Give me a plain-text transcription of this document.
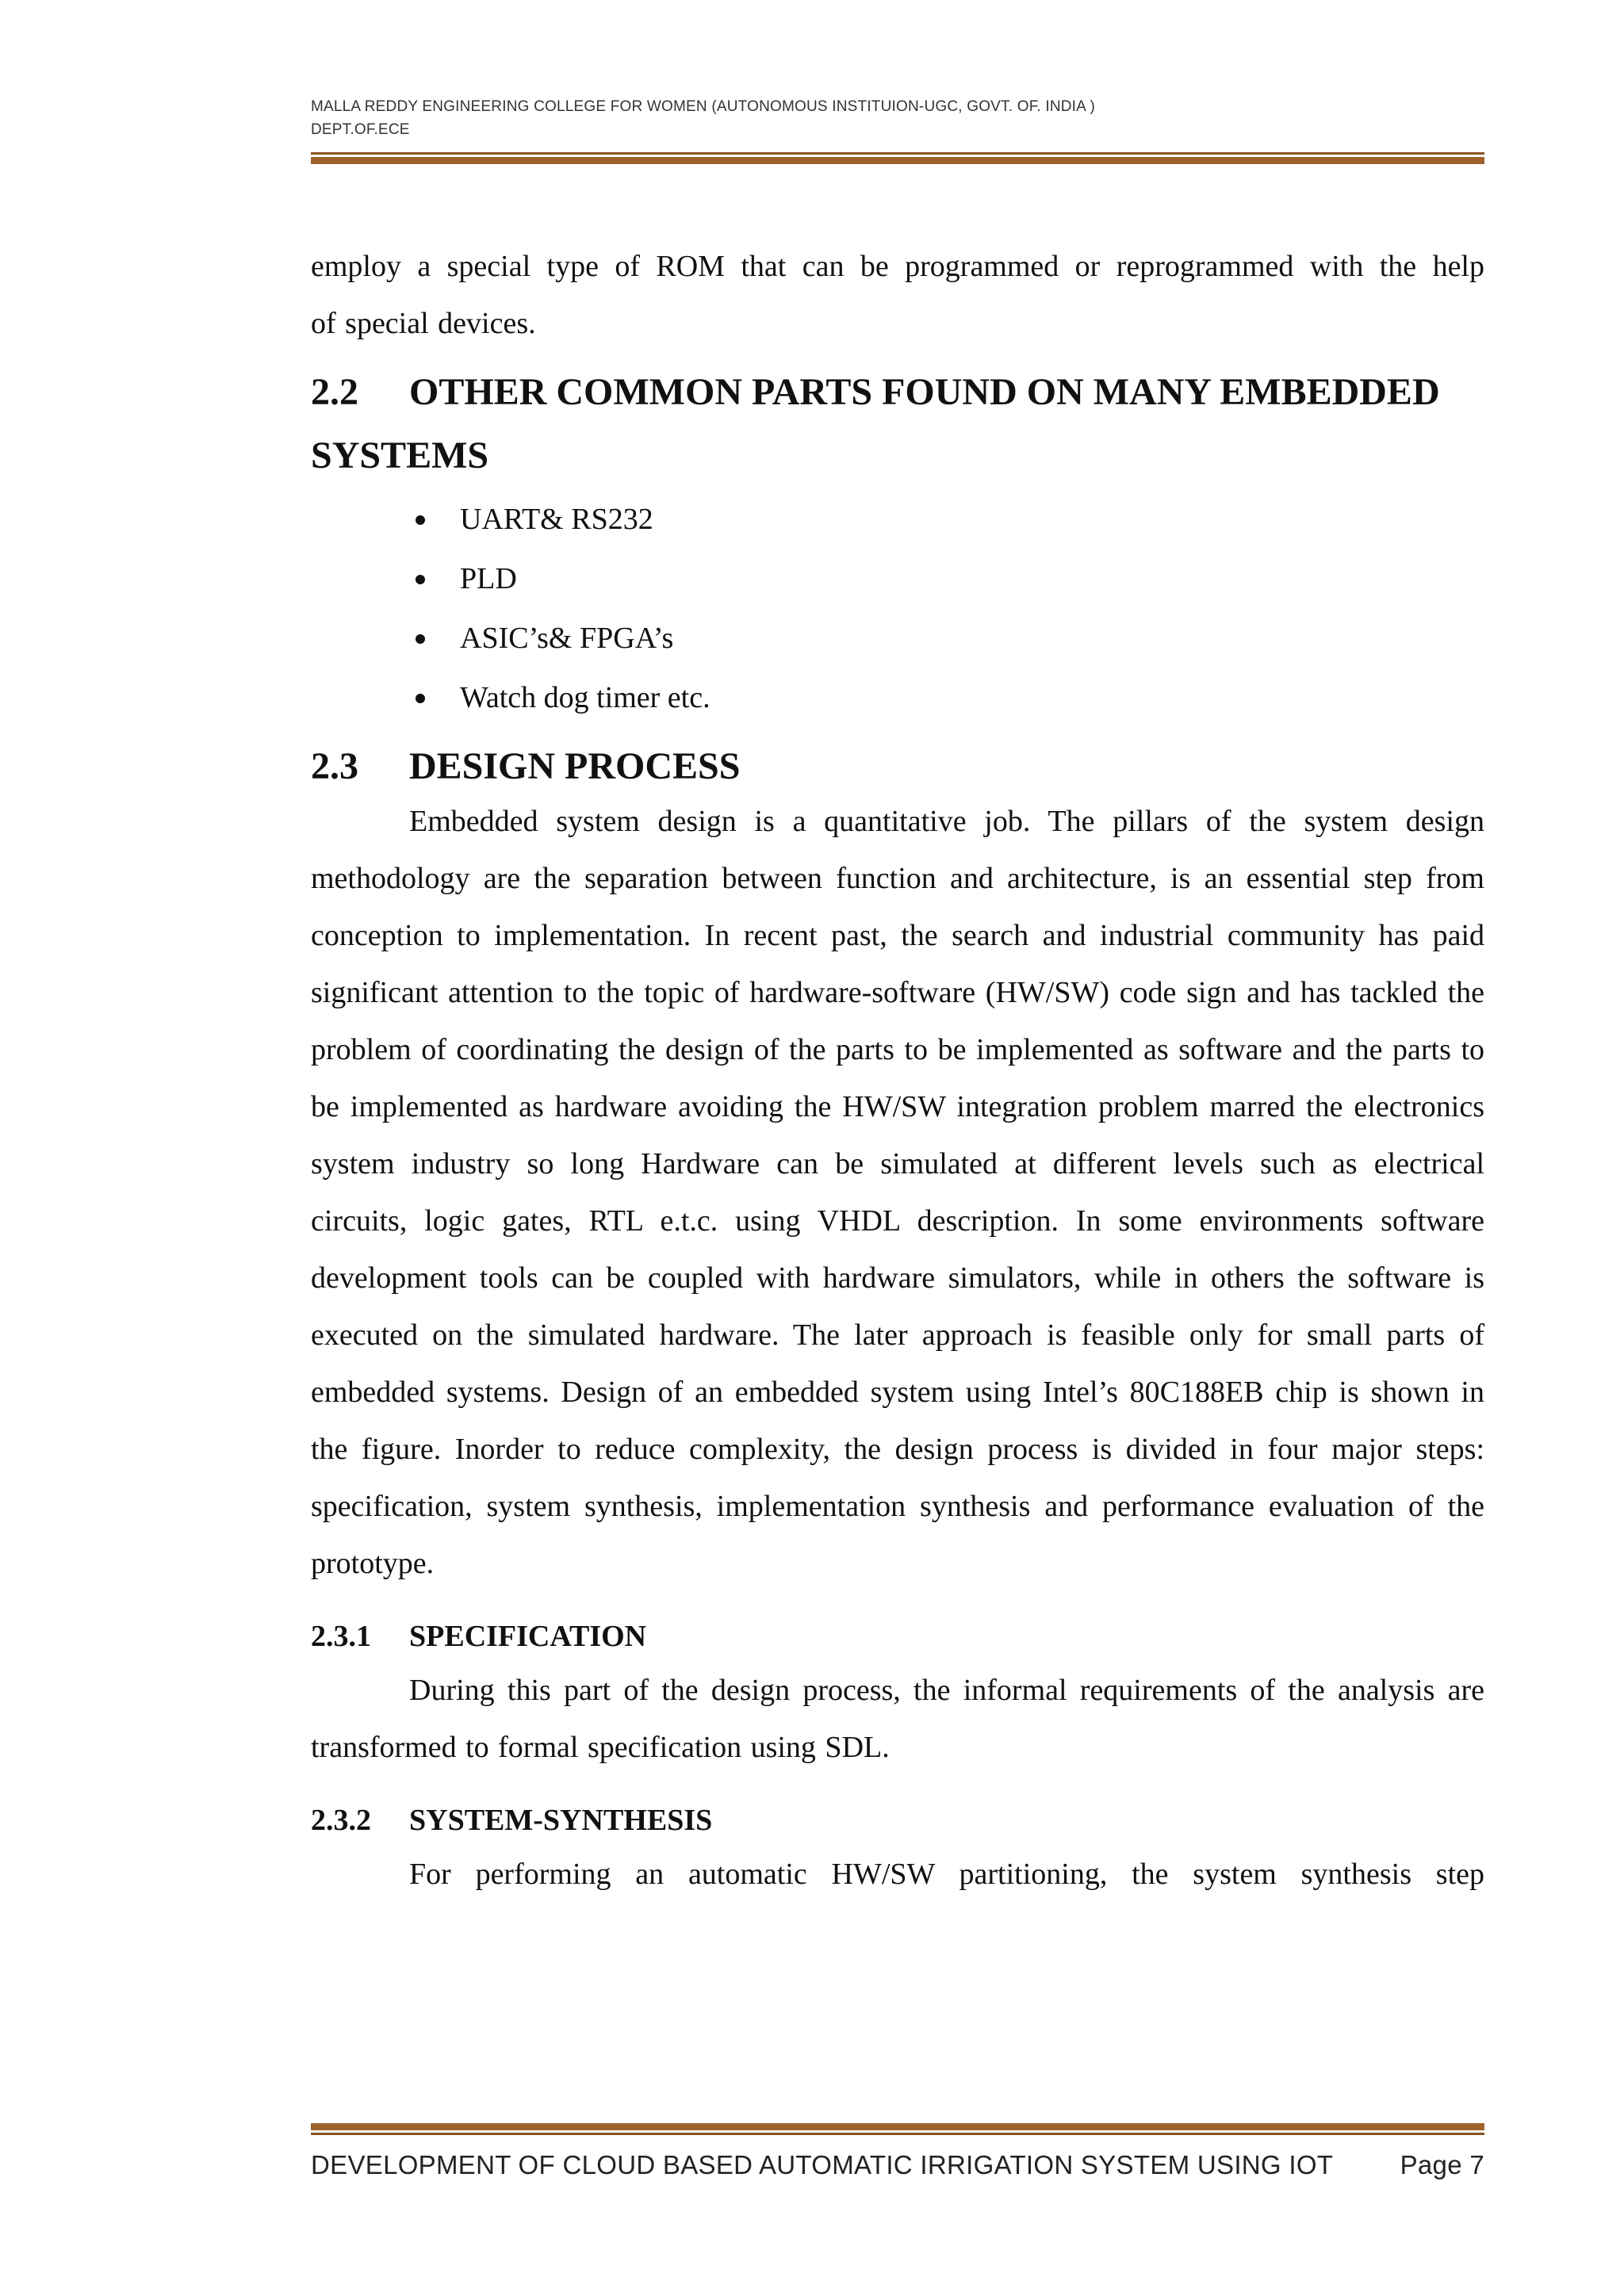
MALLA REDDY ENGINEERING COLLEGE FOR WOMEN (AUTONOMOUS INSTITUION-UGC, GOVT. OF. INDIA )
DEPT.OF.ECE

employ a special type of ROM that can be programmed or reprogrammed with the help

of special devices.

2.2	OTHER COMMON PARTS FOUND ON MANY EMBEDDED
SYSTEMS
UART& RS232
PLD
ASIC’s& FPGA’s
Watch dog timer etc.
2.3	DESIGN PROCESS

Embedded system design is a quantitative job. The pillars of the system design methodology are the separation between function and architecture, is an essential step from conception to implementation. In recent past, the search and industrial community has paid significant attention to the topic of hardware-software (HW/SW) code sign and has tackled the problem of coordinating the design of the parts to be implemented as software and the parts to be implemented as hardware avoiding the HW/SW integration problem marred the electronics system industry so long Hardware can be simulated at different levels such as electrical circuits, logic gates, RTL e.t.c. using VHDL description. In some environments software development tools can be coupled with hardware simulators, while in others the software is executed on the simulated hardware. The later approach is feasible only for small parts of embedded systems. Design of an embedded system using Intel’s 80C188EB chip is shown in the figure. Inorder to reduce complexity, the design process is divided in four major steps: specification, system synthesis, implementation synthesis and performance evaluation of the prototype.

2.3.1	SPECIFICATION

During this part of the design process, the informal requirements of the analysis are transformed to formal specification using SDL.

2.3.2	SYSTEM-SYNTHESIS

For performing an automatic HW/SW partitioning, the system synthesis step

DEVELOPMENT OF CLOUD BASED AUTOMATIC IRRIGATION SYSTEM USING IOT	Page 7
